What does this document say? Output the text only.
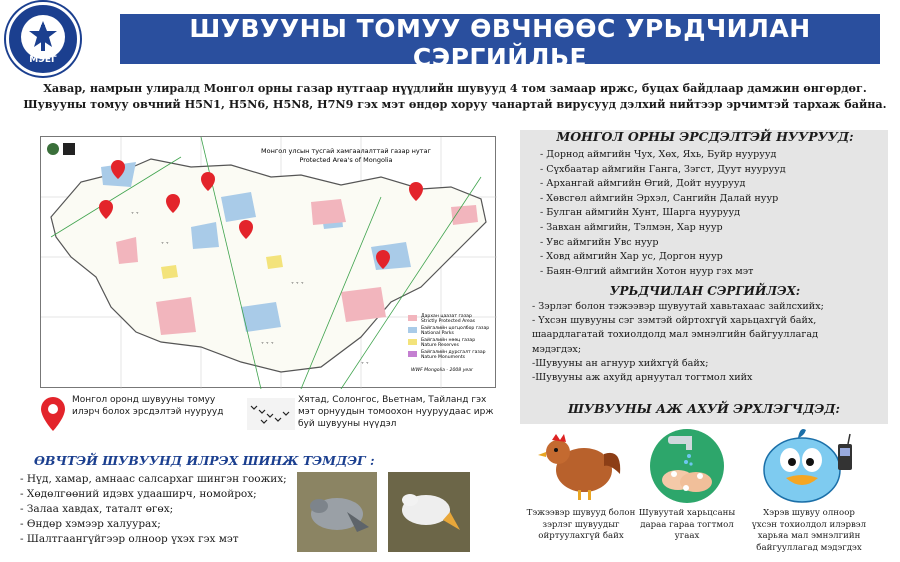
МЭЕГ
ШУВУУНЫ ТОМУУ ӨВЧНӨӨС УРЬДЧИЛАН СЭРГИЙЛЬЕ
Хавар, намрын улиралд Монгол орны газар нутгаар нүүдлийн шувууд 4 том замаар иржс, буцах байдлаар дамжин өнгөрдөг.
Шувууны томуу овчний H5N1, H5N6, H5N8, H7N9 гэх мэт өндөр хоруу чанартай вирусууд дэлхий нийтээр эрчимтэй тархаж байна.
˅ ˅ ˅
˅ ˅
˅ ˅ ˅
˅ ˅
˅ ˅
Монгол улсын тусгай хамгаалалттай газар нутаг
Protected Area's of Mongolia
Дархан цаазат газар
Strictly Protected Areas
Байгалийн цогцолбор газар
National Parks
Байгалийн нөөц газар
Nature Reserves
Байгалийн дурсгалт газар
Nature Monuments
WWF Mongolia - 2008 year
Монгол оронд шувууны томуу илэрч болох эрсдэлтэй нуурууд
Хятад, Солонгос, Вьетнам, Тайланд гэх мэт орнуудын томоохон нууруудаас ирж буй шувууны нүүдэл
ӨВЧТЭЙ ШУВУУНД ИЛРЭХ ШИНЖ ТЭМДЭГ :
- Нүд, хамар, амнаас салсархаг шингэн гоожих;
- Хөдөлгөөний идэвх удааширч, номойрох;
- Залаа хавдах, таталт өгөх;
- Өндөр хэмээр халуурах;
- Шалтгаангүйгээр олноор үхэх гэх мэт
МОНГОЛ ОРНЫ ЭРСДЭЛТЭЙ НУУРУУД:
- Дорнод аймгийн Чух, Хөх, Яхь, Буйр нуурууд
- Сүхбаатар аймгийн Ганга, Зэгст, Дуут нуурууд
- Архангай аймгийн Өгий, Дойт нуурууд
- Хөвсгөл аймгийн Эрхэл, Сангийн Далай нуур
- Булган аймгийн Хунт, Шарга нуурууд
- Завхан аймгийн, Тэлмэн, Хар нуур
- Увс аймгийн Увс нуур
- Ховд аймгийн Хар ус, Доргон нуур
- Баян-Өлгий аймгийн Хотон нуур гэх мэт
УРЬДЧИЛАН СЭРГИЙЛЭХ:
- Зэрлэг болон тэжээвэр шувуутай хавьтахаас зайлсхийх;
- Үхсэн шувууны сэг зэмтэй ойртохгүй харьцахгүй байх,
шаардлагатай тохиолдолд мал эмнэлгийн байгууллагад
мэдэгдэх;
-Шувууны ан агнуур хийхгүй байх;
-Шувууны аж ахуйд арнуутал тогтмол хийх
ШУВУУНЫ АЖ АХУЙ ЭРХЛЭГЧДЭД:
Тэжээвэр шувууд болон зэрлэг шувуудыг ойртуулахгүй байх
Шувуутай харьцсаны дараа гараа тогтмол угаах
Хэрэв шувуу олноор үхсэн тохиолдол илэрвэл харьяа мал эмнэлгийн байгууллагад мэдэгдэх
